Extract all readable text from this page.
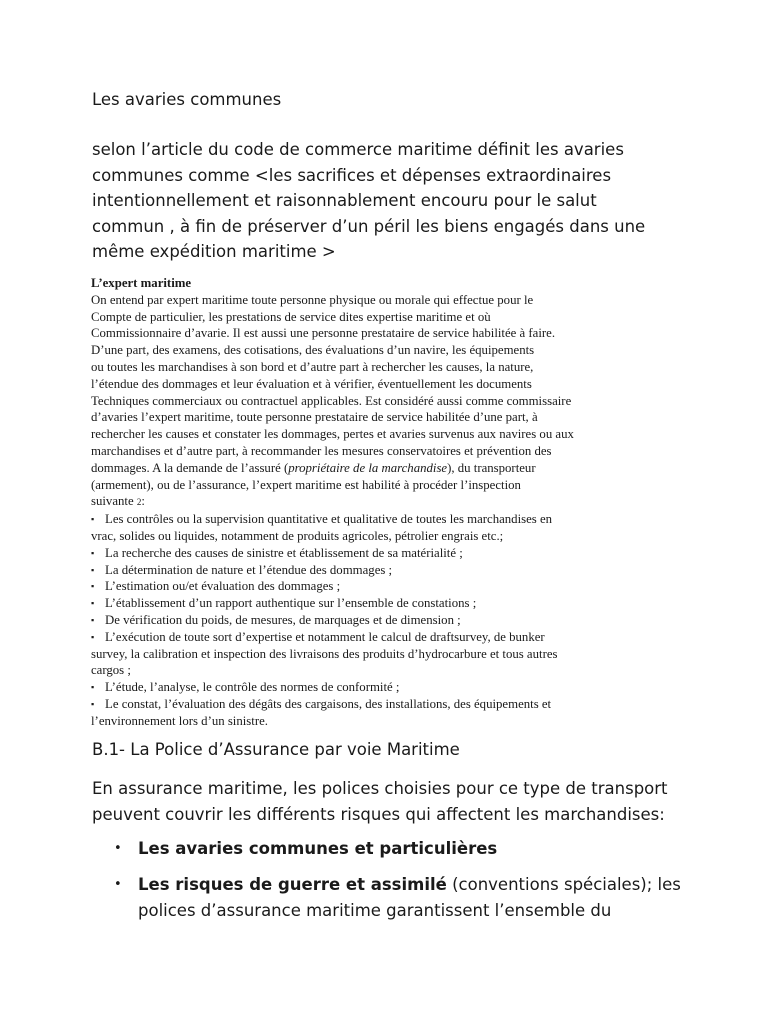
Les avaries communes
selon l’article du code de commerce maritime définit les avaries
communes comme <les sacrifices et dépenses extraordinaires
intentionnellement et raisonnablement encouru pour le salut
commun , à fin de préserver d’un péril les biens engagés dans une
même expédition maritime >
L’expert maritime
On entend par expert maritime toute personne physique ou morale qui effectue pour le
Compte de particulier, les prestations de service dites expertise maritime et où
Commissionnaire d’avarie. Il est aussi une personne prestataire de service habilitée à faire.
D’une part, des examens, des cotisations, des évaluations d’un navire, les équipements
ou toutes les marchandises à son bord et d’autre part à rechercher les causes, la nature,
l’étendue des dommages et leur évaluation et à vérifier, éventuellement les documents
Techniques commerciaux ou contractuel applicables. Est considéré aussi comme commissaire
d’avaries l’expert maritime, toute personne prestataire de service habilitée d’une part, à
rechercher les causes et constater les dommages, pertes et avaries survenus aux navires ou aux
marchandises et d’autre part, à recommander les mesures conservatoires et prévention des
dommages. A la demande de l’assuré (propriétaire de la marchandise), du transporteur
(armement), ou de l’assurance, l’expert maritime est habilité à procéder l’inspection
suivante 2:
▪ Les contrôles ou la supervision quantitative et qualitative de toutes les marchandises en
vrac, solides ou liquides, notamment de produits agricoles, pétrolier engrais etc.;
▪ La recherche des causes de sinistre et établissement de sa matérialité ;
▪ La détermination de nature et l’étendue des dommages ;
▪ L’estimation ou/et évaluation des dommages ;
▪ L’établissement d’un rapport authentique sur l’ensemble de constations ;
▪ De vérification du poids, de mesures, de marquages et de dimension ;
▪ L’exécution de toute sort d’expertise et notamment le calcul de draftsurvey, de bunker
survey, la calibration et inspection des livraisons des produits d’hydrocarbure et tous autres
cargos ;
▪ L’étude, l’analyse, le contrôle des normes de conformité ;
▪ Le constat, l’évaluation des dégâts des cargaisons, des installations, des équipements et
l’environnement lors d’un sinistre.
B.1- La Police d’Assurance par voie Maritime
En assurance maritime, les polices choisies pour ce type de transport
peuvent couvrir les différents risques qui affectent les marchandises:
• Les avaries communes et particulières
• Les risques de guerre et assimilé (conventions spéciales); les
polices d’assurance maritime garantissent l’ensemble du
